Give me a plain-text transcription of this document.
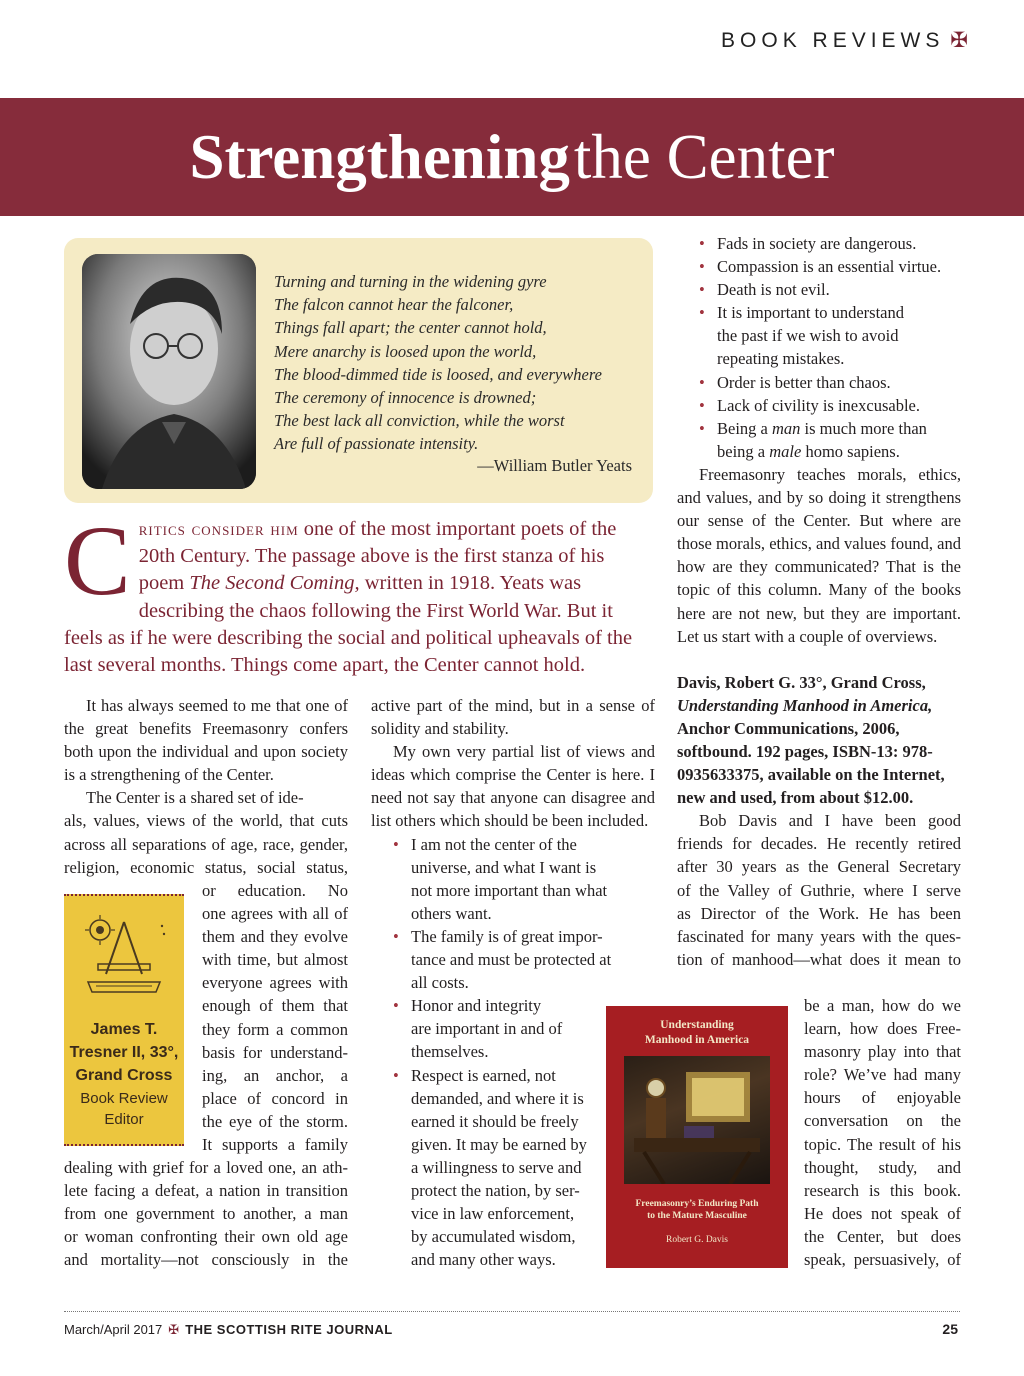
BOOK REVIEWS ✠
Strengthening the Center
Turning and turning in the widening gyre
The falcon cannot hear the falconer,
Things fall apart; the center cannot hold,
Mere anarchy is loosed upon the world,
The blood-dimmed tide is loosed, and everywhere
The ceremony of innocence is drowned;
The best lack all conviction, while the worst
Are full of passionate intensity.
—William Butler Yeats
Critics consider him one of the most important poets of the 20th Century. The passage above is the first stanza of his poem The Second Coming, written in 1918. Yeats was describing the chaos following the First World War. But it feels as if he were describing the social and political upheavals of the last several months. Things come apart, the Center cannot hold.

It has always seemed to me that one of the great benefits Freemasonry confers both upon the individual and upon society is a strengthening of the Center.

The Center is a shared set of ide-

als, values, views of the world, that cuts

across all separations of age, race, gender,

religion, economic status, social status,

or education. No

one agrees with all of

them and they evolve

with time, but almost

everyone agrees with

enough of them that

they form a common

basis for understand-

ing, an anchor, a

place of concord in

the eye of the storm.

It supports a family

dealing with grief for a loved one, an ath-

lete facing a defeat, a nation in transition

from one government to another, a man

or woman confronting their own old age

and mortality—not consciously in the

James T.
Tresner II, 33°,
Grand Cross
Book Review
Editor

active part of the mind, but in a sense of solidity and stability.

My own very partial list of views and ideas which comprise the Center is here. I need not say that anyone can disagree and list others which should be been included.

• I am not the center of the
universe, and what I want is
not more important than what
others want.
• The family is of great impor-
tance and must be protected at
all costs.
• Honor and integrity
are important in and of
themselves.
• Respect is earned, not
demanded, and where it is
earned it should be freely
given. It may be earned by
a willingness to serve and
protect the nation, by ser-
vice in law enforcement,
by accumulated wisdom,
and many other ways.
Understanding
Manhood in America
Freemasonry’s Enduring Path
to the Mature Masculine
Robert G. Davis
• Fads in society are dangerous.
• Compassion is an essential virtue.
• Death is not evil.
• It is important to understand
the past if we wish to avoid
repeating mistakes.
• Order is better than chaos.
• Lack of civility is inexcusable.
• Being a man is much more than
being a male homo sapiens.

Freemasonry teaches morals, ethics, and values, and by so doing it strengthens our sense of the Center. But where are those morals, ethics, and values found, and how are they communicated? That is the topic of this column. Many of the books here are not new, but they are important. Let us start with a couple of overviews.

Davis, Robert G. 33°, Grand Cross,
Understanding Manhood in America,
Anchor Communications, 2006,
softbound. 192 pages, ISBN-13: 978-
0935633375, available on the Internet,
new and used, from about $12.00.

Bob Davis and I have been good

friends for decades. He recently retired

after 30 years as the General Secretary

of the Valley of Guthrie, where I serve

as Director of the Work. He has been

fascinated for many years with the ques-

tion of manhood—what does it mean to

be a man, how do we

learn, how does Free-

masonry play into that

role? We’ve had many

hours of enjoyable

conversation on the

topic. The result of his

thought, study, and

research is this book.

He does not speak of

the Center, but does

speak, persuasively, of

March/April 2017 ✠ THE SCOTTISH RITE JOURNAL	25
